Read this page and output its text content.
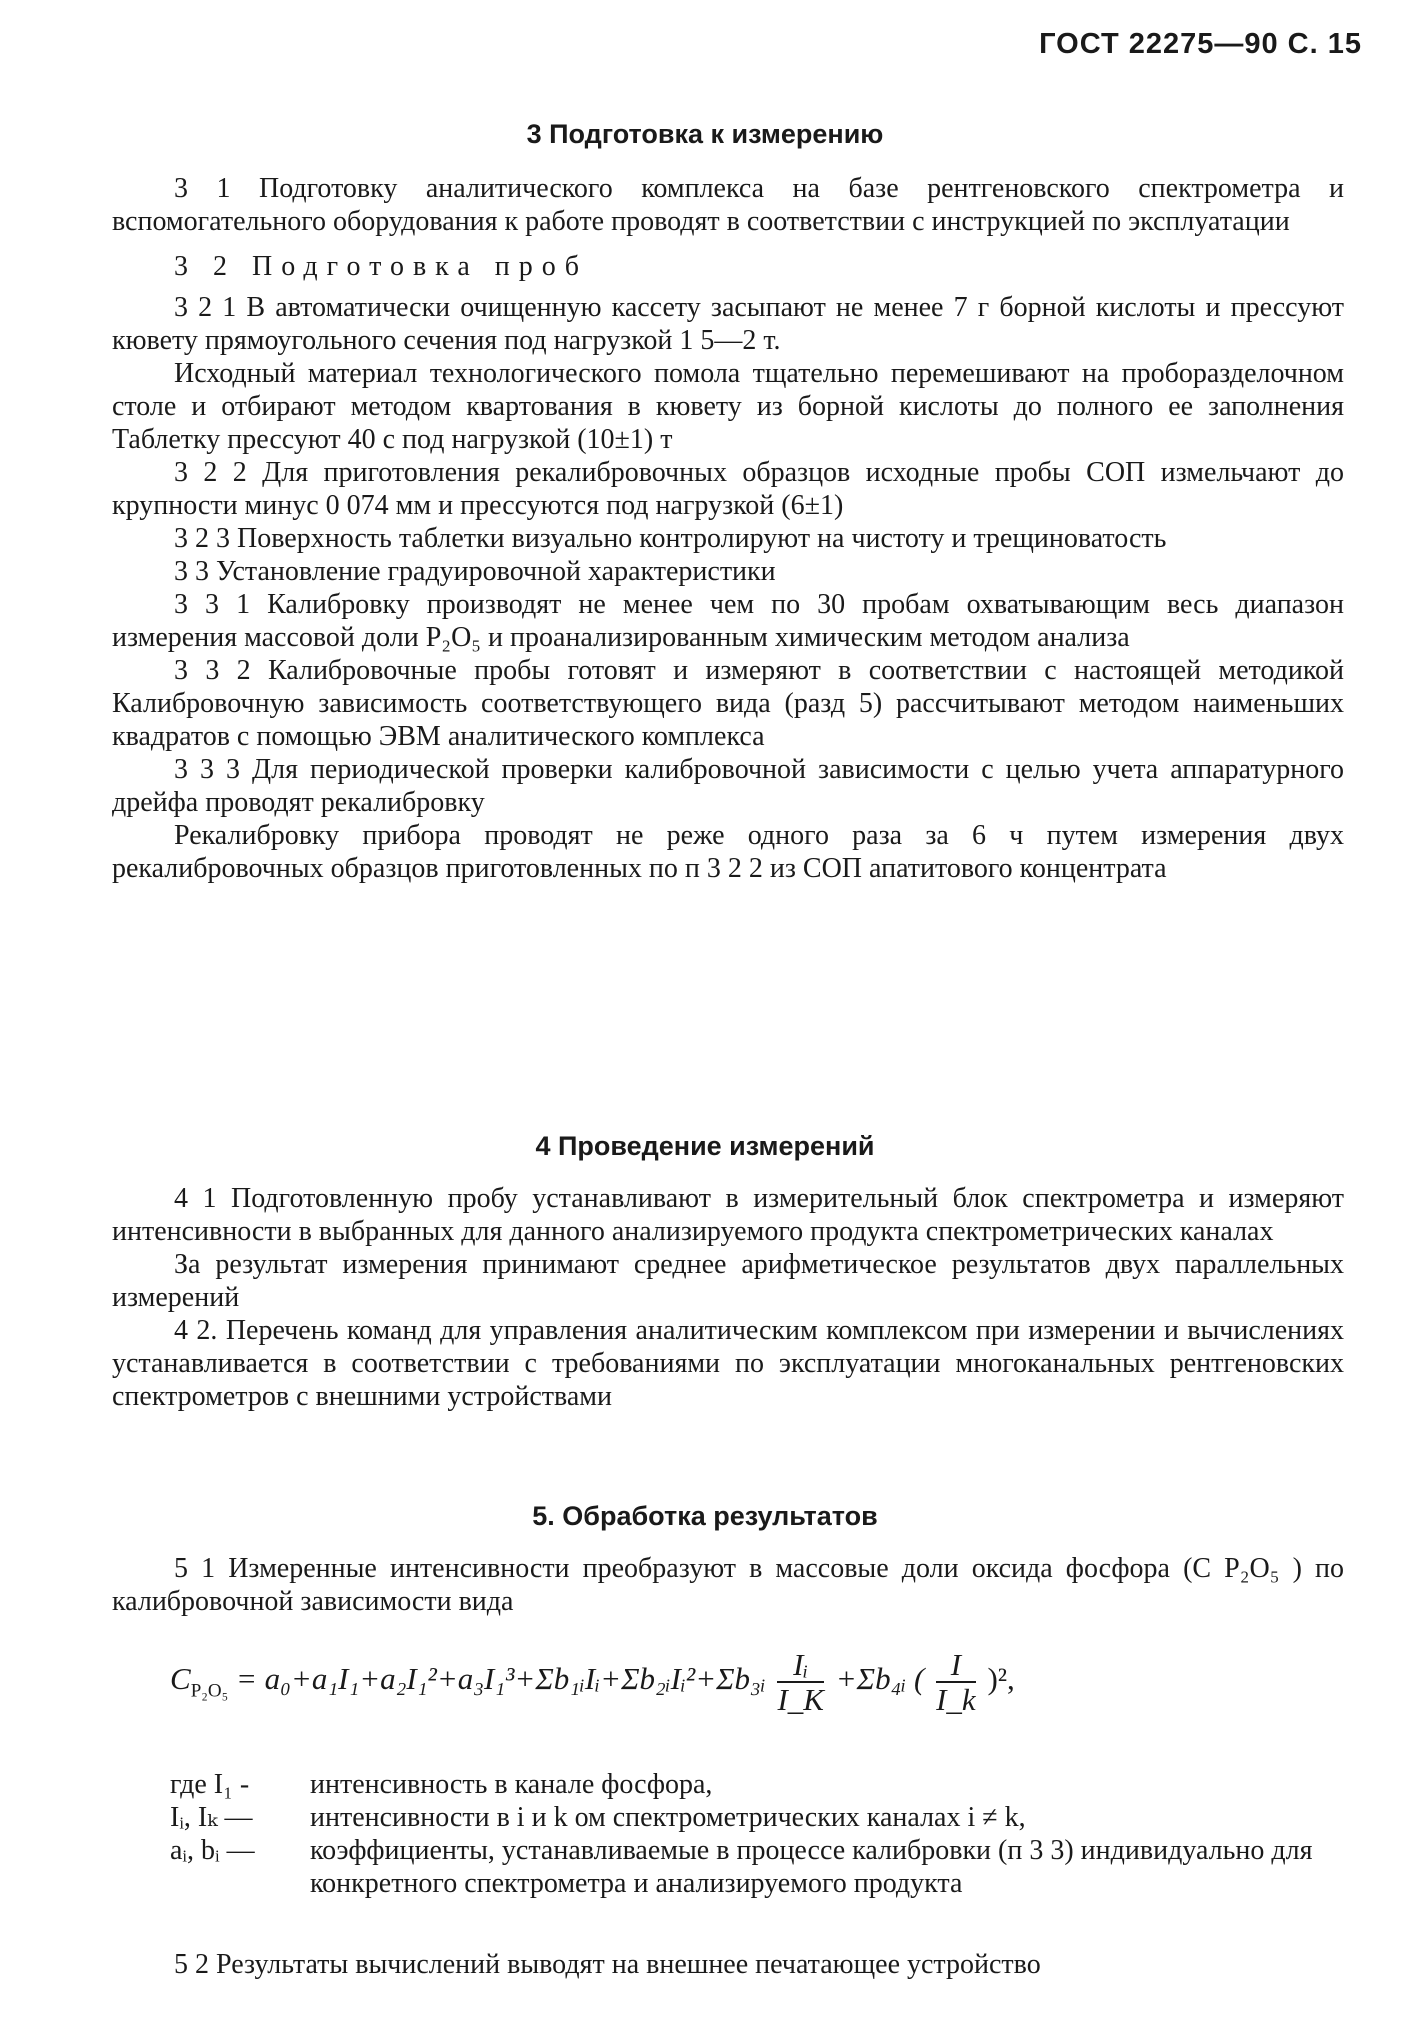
ГОСТ 22275—90 С. 15
3 Подготовка к измерению

3 1 Подготовку аналитического комплекса на базе рентгеновского спектрометра и вспомогательного оборудования к работе проводят в соответствии с инструкцией по эксплуатации

3 2 Подготовка проб

3 2 1 В автоматически очищенную кассету засыпают не менее 7 г борной кислоты и прессуют кювету прямоугольного сечения под нагрузкой 1 5—2 т.

Исходный материал технологического помола тщательно перемешивают на пробоpазделочном столе и отбирают методом квартования в кювету из борной кислоты до полного ее заполнения Таблетку прессуют 40 с под нагрузкой (10±1) т

3 2 2 Для приготовления рекалибровочных образцов исходные пробы СОП измельчают до крупности минус 0 074 мм и прессуются под нагрузкой (6±1)

3 2 3 Поверхность таблетки визуально контролируют на чистоту и трещиноватость

3 3 Установление градуировочной характеристики

3 3 1 Калибровку производят не менее чем по 30 пробам охватывающим весь диапазон измерения массовой доли P₂O₅ и проанализированным химическим методом анализа

3 3 2 Калибровочные пробы готовят и измеряют в соответствии с настоящей методикой Калибровочную зависимость соответствующего вида (разд 5) рассчитывают методом наименьших квадратов с помощью ЭВМ аналитического комплекса

3 3 3 Для периодической проверки калибровочной зависимости с целью учета аппаратурного дрейфа проводят рекалибровку

Рекалибровку прибора проводят не реже одного раза за 6 ч путем измерения двух рекалибровочных образцов приготовленных по п 3 2 2 из СОП апатитового концентрата

4 Проведение измерений

4 1 Подготовленную пробу устанавливают в измерительный блок спектрометра и измеряют интенсивности в выбранных для данного анализируемого продукта спектрометрических каналах

За результат измерения принимают среднее арифметическое результатов двух параллельных измерений

4 2. Перечень команд для управления аналитическим комплексом при измерении и вычислениях устанавливается в соответствии с требованиями по эксплуатации многоканальных рентгеновских спектрометров с внешними устройствами

5. Обработка результатов

5 1 Измеренные интенсивности преобразуют в массовые доли оксида фосфора (C P₂O₅ ) по калибровочной зависимости вида

$C_{P_2O_5}$ = a₀+a₁I₁+a₂I₁²+a₃I₁³+Σb₁ᵢIᵢ+Σb₂ᵢIᵢ²+Σb₃ᵢ $\frac{\text{Iᵢ}}{I\_K}$ +Σb₄ᵢ ( $\frac{I}{I\_k} )^2$,
где I₁ -	интенсивность в канале фосфора,
Iᵢ, Iₖ —	интенсивности в i и k ом спектрометрических каналах i ≠ k,
aᵢ, bᵢ —	коэффициенты, устанавливаемые в процессе калибровки (п 3 3) индивидуально для конкретного спектрометра и анализируемого продукта

5 2 Результаты вычислений выводят на внешнее печатающее устройство
